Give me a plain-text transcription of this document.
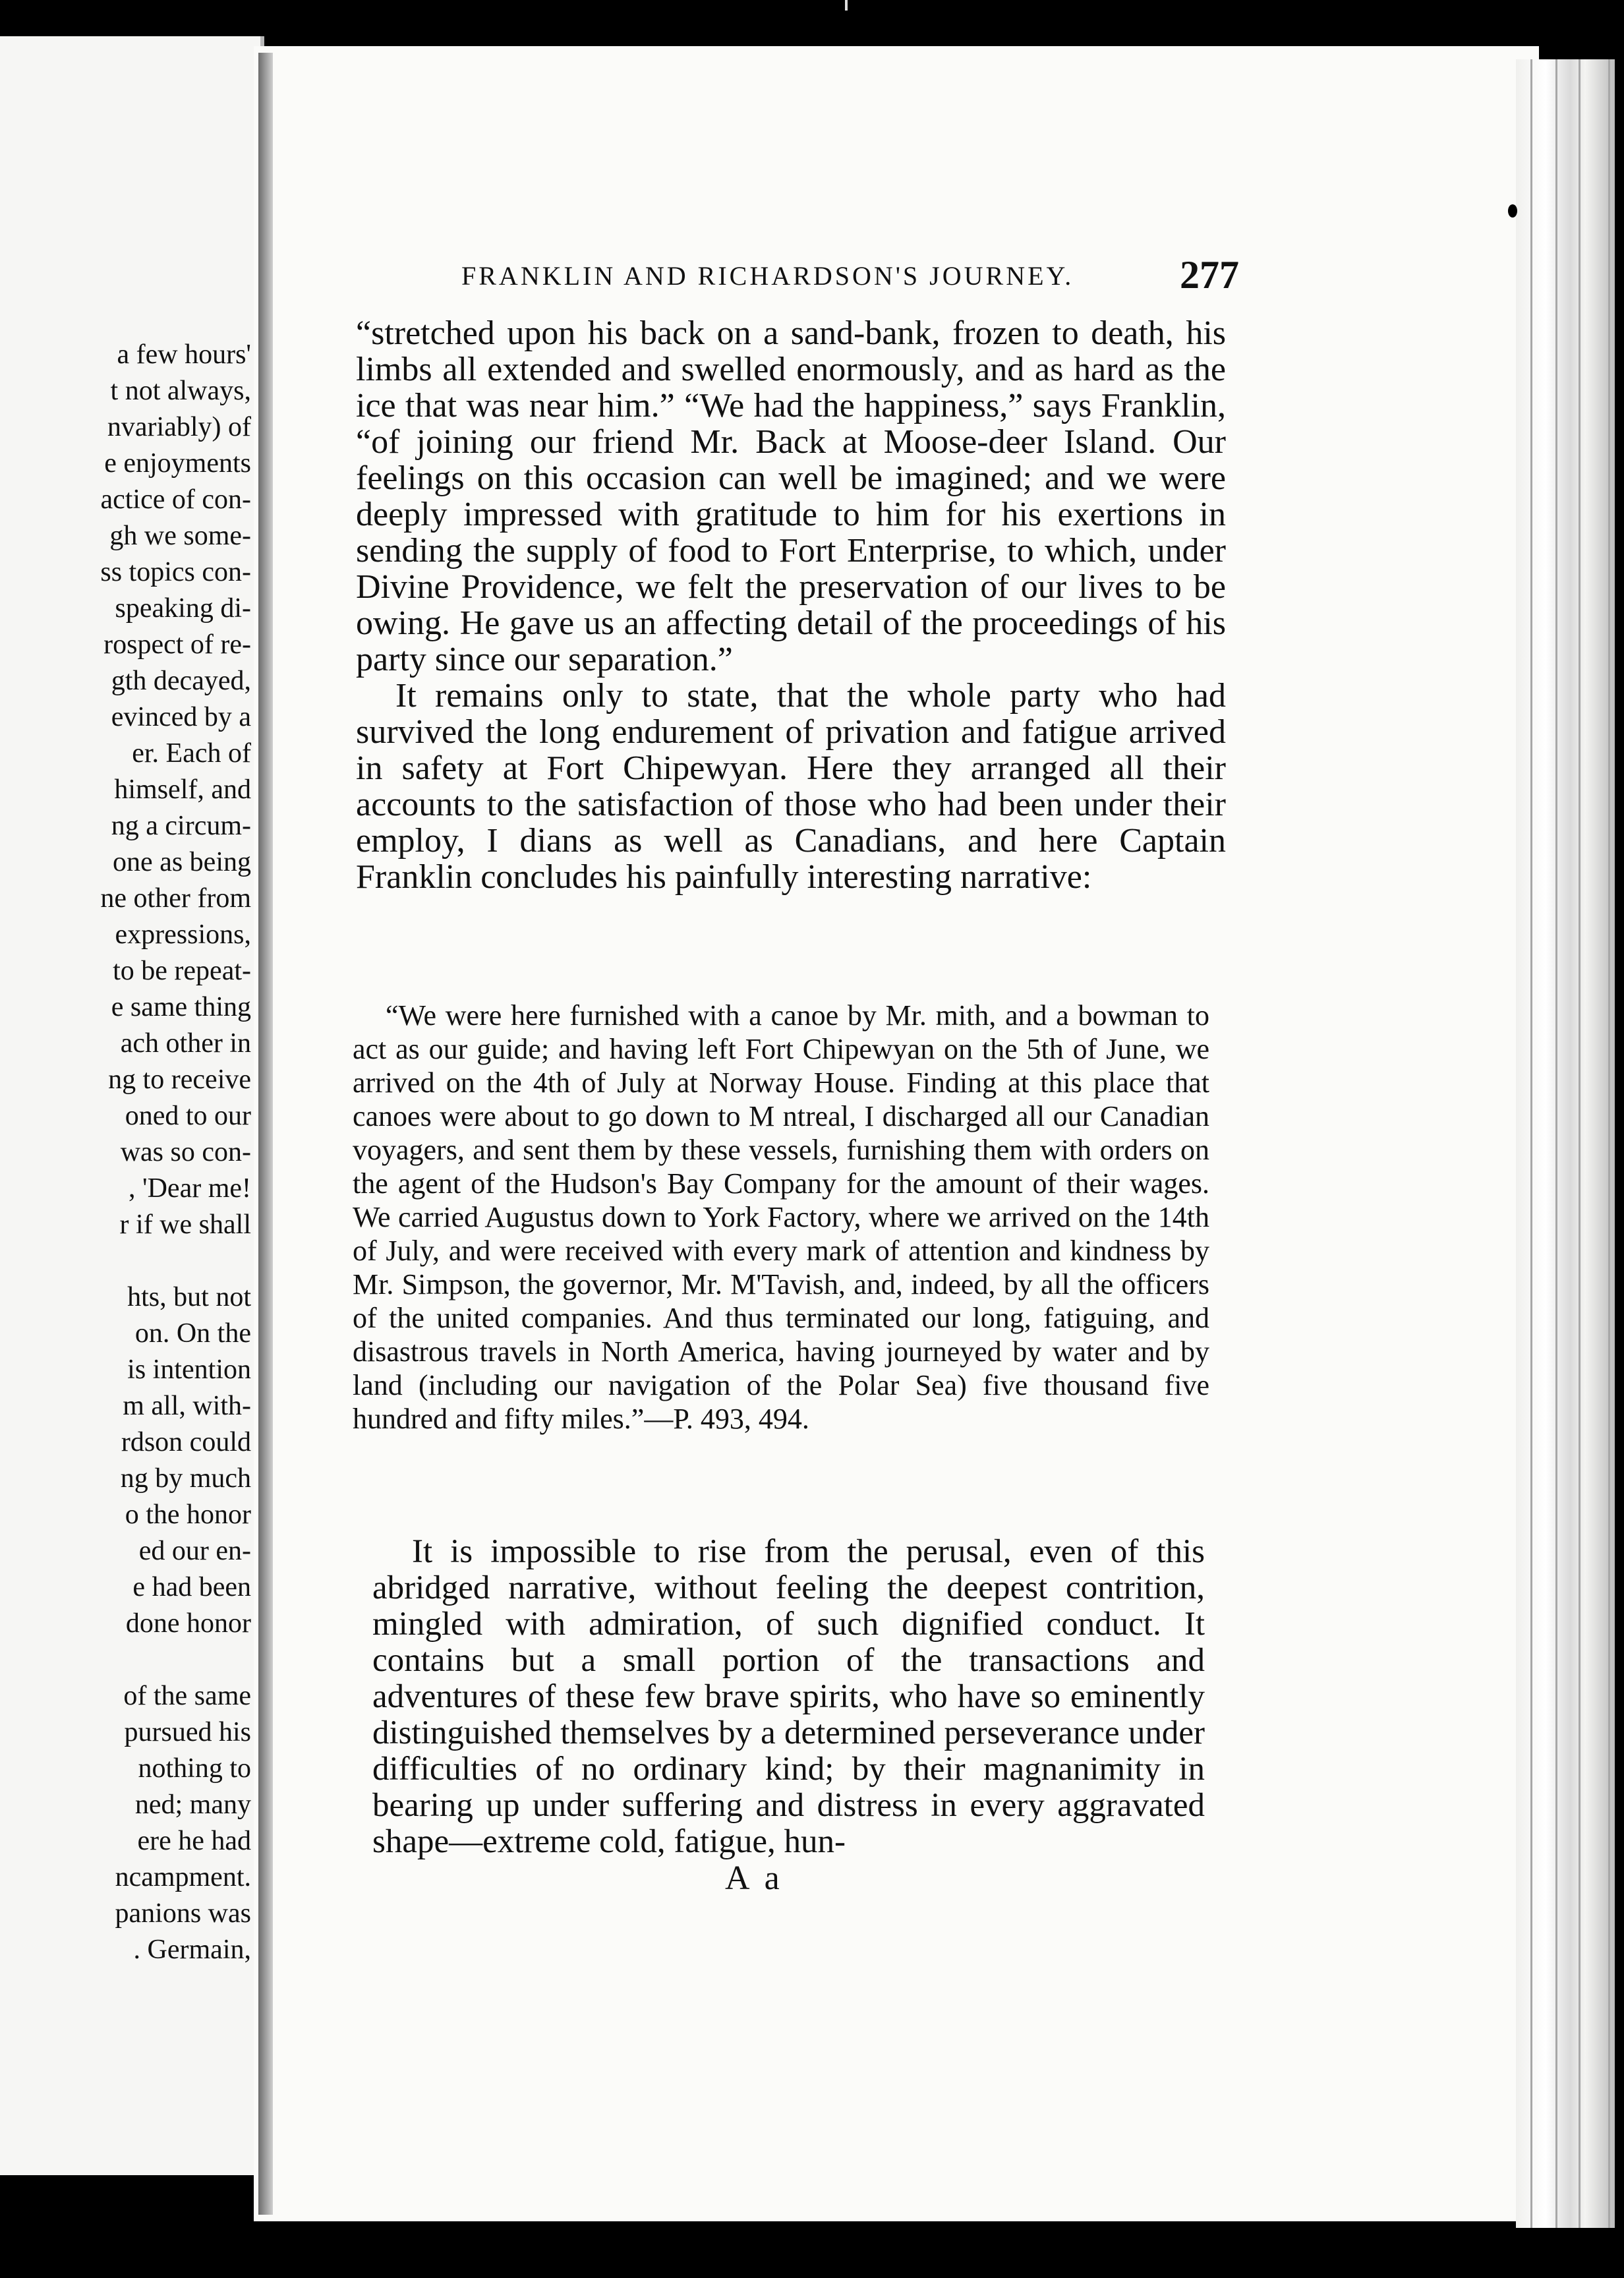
a few hours'
t not always,
nvariably) of
e enjoyments
actice of con-
gh we some-
ss topics con-
speaking di-
rospect of re-
gth decayed,
evinced by a
er. Each of
himself, and
ng a circum-
one as being
ne other from
expressions,
to be repeat-
e same thing
ach other in
ng to receive
oned to our
was so con-
, 'Dear me!
r if we shall

hts, but not
on. On the
is intention
m all, with-
rdson could
ng by much
o the honor
ed our en-
e had been
done honor

of the same
pursued his
nothing to
ned; many
ere he had
ncampment.
panions was
. Germain,
FRANKLIN AND RICHARDSON'S JOURNEY.	277

“stretched upon his back on a sand-bank, frozen to death, his limbs all extended and swelled enormously, and as hard as the ice that was near him.” “We had the happiness,” says Franklin, “of joining our friend Mr. Back at Moose-deer Island. Our feelings on this occasion can well be imagined; and we were deeply impressed with gratitude to him for his exertions in sending the supply of food to Fort Enterprise, to which, under Divine Providence, we felt the preservation of our lives to be owing. He gave us an affecting detail of the proceedings of his party since our separation.”

It remains only to state, that the whole party who had survived the long endurement of privation and fatigue arrived in safety at Fort Chipewyan. Here they arranged all their accounts to the satisfaction of those who had been under their employ, I dians as well as Canadians, and here Captain Franklin concludes his painfully interesting narrative:

“We were here furnished with a canoe by Mr. mith, and a bowman to act as our guide; and having left Fort Chipewyan on the 5th of June, we arrived on the 4th of July at Norway House. Finding at this place that canoes were about to go down to M ntreal, I discharged all our Canadian voyagers, and sent them by these vessels, furnishing them with orders on the agent of the Hudson's Bay Company for the amount of their wages. We carried Augustus down to York Factory, where we arrived on the 14th of July, and were received with every mark of attention and kindness by Mr. Simpson, the governor, Mr. M'Tavish, and, indeed, by all the officers of the united companies. And thus terminated our long, fatiguing, and disastrous travels in North America, having journeyed by water and by land (including our navigation of the Polar Sea) five thousand five hundred and fifty miles.”—P. 493, 494.

It is impossible to rise from the perusal, even of this abridged narrative, without feeling the deepest contrition, mingled with admiration, of such dignified conduct. It contains but a small portion of the transactions and adventures of these few brave spirits, who have so eminently distinguished themselves by a determined perseverance under difficulties of no ordinary kind; by their magnanimity in bearing up under suffering and distress in every aggravated shape—extreme cold, fatigue, hun-

A a
